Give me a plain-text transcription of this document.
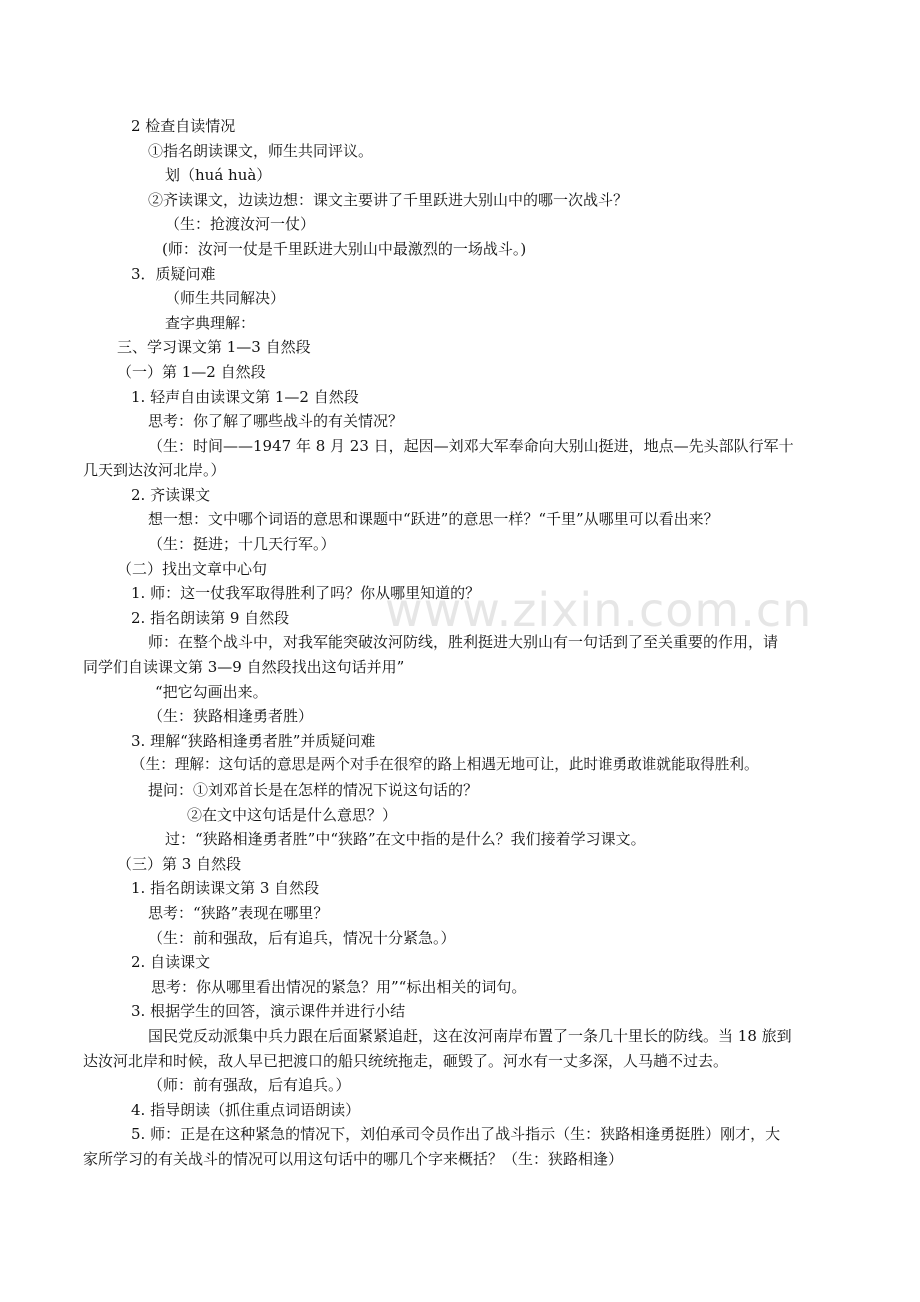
www.zixin.com.cn
2 检查自读情况
①指名朗读课文，师生共同评议。
划（huá huà）
②齐读课文，边读边想：课文主要讲了千里跃进大别山中的哪一次战斗？
（生：抢渡汝河一仗）
(师：汝河一仗是千里跃进大别山中最激烈的一场战斗。)
3．质疑问难
（师生共同解决）
查字典理解：
三、学习课文第 1—3 自然段
（一）第 1—2 自然段
1. 轻声自由读课文第 1—2 自然段
思考：你了解了哪些战斗的有关情况？
（生：时间——1947 年 8 月 23 日，起因—刘邓大军奉命向大别山挺进，地点—先头部队行军十
几天到达汝河北岸。）
2. 齐读课文
想一想：文中哪个词语的意思和课题中“跃进”的意思一样？“千里”从哪里可以看出来？
（生：挺进；十几天行军。）
（二）找出文章中心句
1. 师：这一仗我军取得胜利了吗？你从哪里知道的？
2. 指名朗读第 9 自然段
师：在整个战斗中，对我军能突破汝河防线，胜利挺进大别山有一句话到了至关重要的作用，请
同学们自读课文第 3—9 自然段找出这句话并用”
“把它勾画出来。
（生：狭路相逢勇者胜）
3. 理解“狭路相逢勇者胜”并质疑问难
（生：理解：这句话的意思是两个对手在很窄的路上相遇无地可让，此时谁勇敢谁就能取得胜利。
提问：①刘邓首长是在怎样的情况下说这句话的？
②在文中这句话是什么意思？）
过：“狭路相逢勇者胜”中“狭路”在文中指的是什么？我们接着学习课文。
（三）第 3 自然段
1. 指名朗读课文第 3 自然段
思考：“狭路”表现在哪里？
（生：前和强敌，后有追兵，情况十分紧急。）
2. 自读课文
思考：你从哪里看出情况的紧急？用”“标出相关的词句。
3. 根据学生的回答，演示课件并进行小结
国民党反动派集中兵力跟在后面紧紧追赶，这在汝河南岸布置了一条几十里长的防线。当 18 旅到
达汝河北岸和时候，敌人早已把渡口的船只统统拖走，砸毁了。河水有一丈多深，人马趟不过去。
（师：前有强敌，后有追兵。）
4. 指导朗读（抓住重点词语朗读）
5. 师：正是在这种紧急的情况下，刘伯承司令员作出了战斗指示（生：狭路相逢勇挺胜）刚才，大
家所学习的有关战斗的情况可以用这句话中的哪几个字来概括？（生：狭路相逢）
